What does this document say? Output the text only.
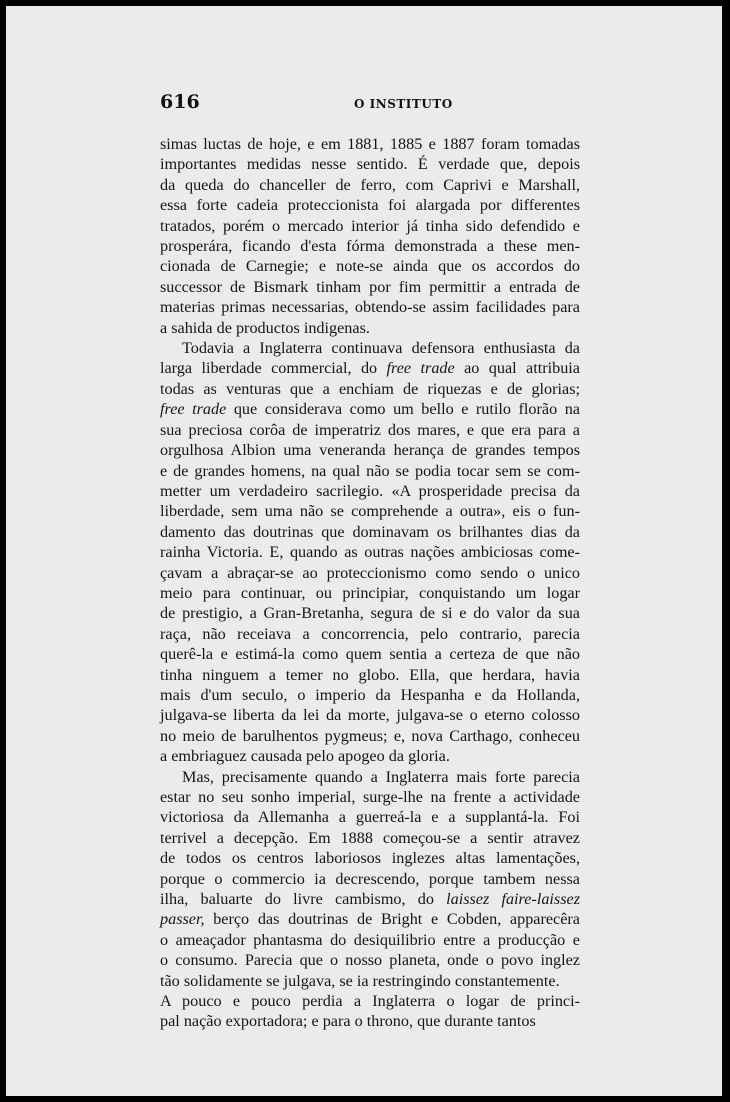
616	O INSTITUTO
simas luctas de hoje, e em 1881, 1885 e 1887 foram tomadas
importantes medidas nesse sentido. É verdade que, depois
da queda do chanceller de ferro, com Caprivi e Marshall,
essa forte cadeia proteccionista foi alargada por differentes
tratados, porém o mercado interior já tinha sido defendido e
prosperára, ficando d'esta fórma demonstrada a these men-
cionada de Carnegie; e note-se ainda que os accordos do
successor de Bismark tinham por fim permittir a entrada de
materias primas necessarias, obtendo-se assim facilidades para
a sahida de productos indigenas.
Todavia a Inglaterra continuava defensora enthusiasta da
larga liberdade commercial, do free trade ao qual attribuia
todas as venturas que a enchiam de riquezas e de glorias;
free trade que considerava como um bello e rutilo florão na
sua preciosa corôa de imperatriz dos mares, e que era para a
orgulhosa Albion uma veneranda herança de grandes tempos
e de grandes homens, na qual não se podia tocar sem se com-
metter um verdadeiro sacrilegio. «A prosperidade precisa da
liberdade, sem uma não se comprehende a outra», eis o fun-
damento das doutrinas que dominavam os brilhantes dias da
rainha Victoria. E, quando as outras nações ambiciosas come-
çavam a abraçar-se ao proteccionismo como sendo o unico
meio para continuar, ou principiar, conquistando um logar
de prestigio, a Gran-Bretanha, segura de si e do valor da sua
raça, não receiava a concorrencia, pelo contrario, parecia
querê-la e estimá-la como quem sentia a certeza de que não
tinha ninguem a temer no globo. Ella, que herdara, havia
mais d'um seculo, o imperio da Hespanha e da Hollanda,
julgava-se liberta da lei da morte, julgava-se o eterno colosso
no meio de barulhentos pygmeus; e, nova Carthago, conheceu
a embriaguez causada pelo apogeo da gloria.
Mas, precisamente quando a Inglaterra mais forte parecia
estar no seu sonho imperial, surge-lhe na frente a actividade
victoriosa da Allemanha a guerreá-la e a supplantá-la. Foi
terrivel a decepção. Em 1888 começou-se a sentir atravez
de todos os centros laboriosos inglezes altas lamentações,
porque o commercio ia decrescendo, porque tambem nessa
ilha, baluarte do livre cambismo, do laissez faire-laissez
passer, berço das doutrinas de Bright e Cobden, apparecêra
o ameaçador phantasma do desiquilibrio entre a producção e
o consumo. Parecia que o nosso planeta, onde o povo inglez
tão solidamente se julgava, se ia restringindo constantemente.
A pouco e pouco perdia a Inglaterra o logar de princi-
pal nação exportadora; e para o throno, que durante tantos
